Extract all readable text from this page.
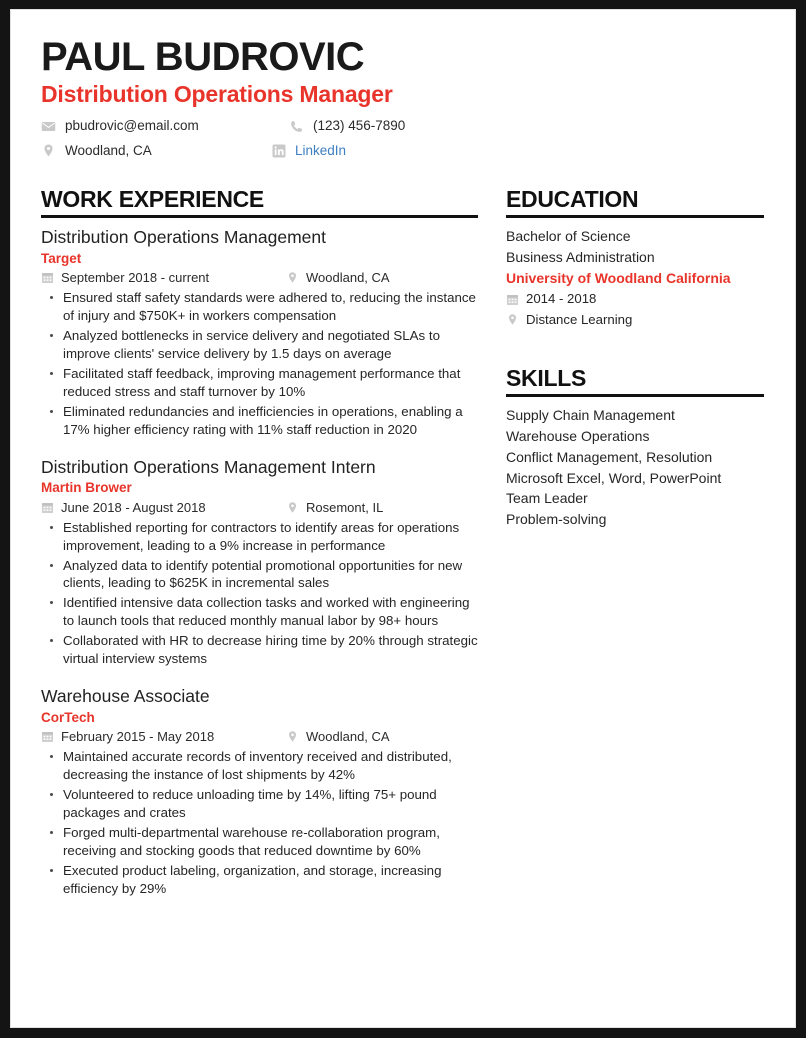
PAUL BUDROVIC
Distribution Operations Manager
pbudrovic@email.com	(123) 456-7890
Woodland, CA	LinkedIn
WORK EXPERIENCE
Distribution Operations Management
Target
September 2018 - current	Woodland, CA
Ensured staff safety standards were adhered to, reducing the instance of injury and $750K+ in workers compensation
Analyzed bottlenecks in service delivery and negotiated SLAs to improve clients' service delivery by 1.5 days on average
Facilitated staff feedback, improving management performance that reduced stress and staff turnover by 10%
Eliminated redundancies and inefficiencies in operations, enabling a 17% higher efficiency rating with 11% staff reduction in 2020
Distribution Operations Management Intern
Martin Brower
June 2018 - August 2018	Rosemont, IL
Established reporting for contractors to identify areas for operations improvement, leading to a 9% increase in performance
Analyzed data to identify potential promotional opportunities for new clients, leading to $625K in incremental sales
Identified intensive data collection tasks and worked with engineering to launch tools that reduced monthly manual labor by 98+ hours
Collaborated with HR to decrease hiring time by 20% through strategic virtual interview systems
Warehouse Associate
CorTech
February 2015 - May 2018	Woodland, CA
Maintained accurate records of inventory received and distributed, decreasing the instance of lost shipments by 42%
Volunteered to reduce unloading time by 14%, lifting 75+ pound packages and crates
Forged multi-departmental warehouse re-collaboration program, receiving and stocking goods that reduced downtime by 60%
Executed product labeling, organization, and storage, increasing efficiency by 29%
EDUCATION
Bachelor of Science
Business Administration
University of Woodland California
2014 - 2018
Distance Learning
SKILLS
Supply Chain Management
Warehouse Operations
Conflict Management, Resolution
Microsoft Excel, Word, PowerPoint
Team Leader
Problem-solving
